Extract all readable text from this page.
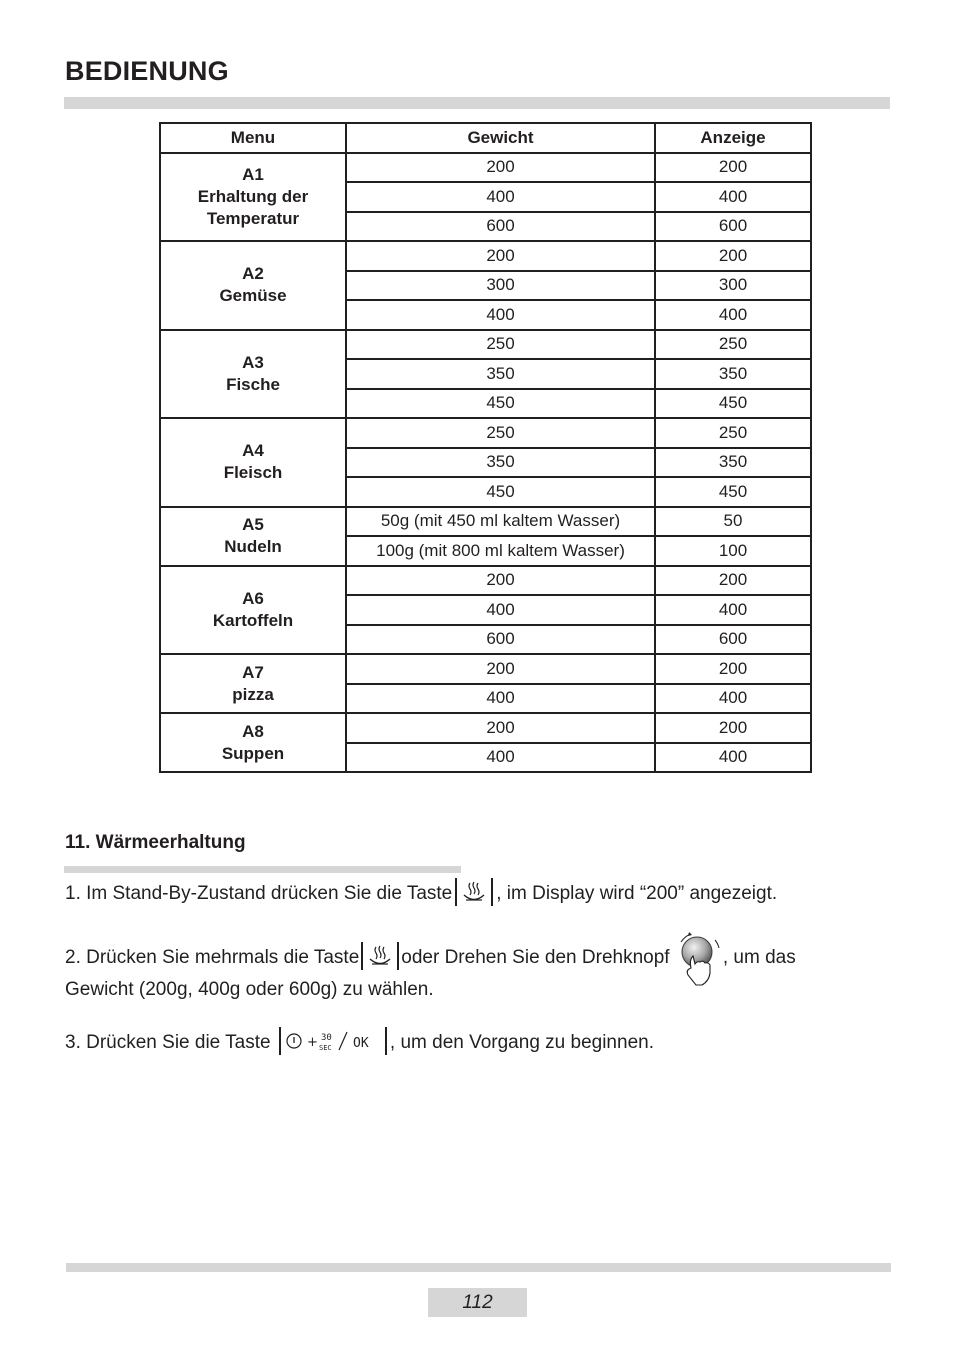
BEDIENUNG
Menu	Gewicht	Anzeige

A1
Erhaltung der
Temperatur	200	200
	400	400
	600	600

A2
Gemüse	200	200
	300	300
	400	400

A3
Fische	250	250
	350	350
	450	450

A4
Fleisch	250	250
	350	350
	450	450

A5
Nudeln	50g (mit 450 ml kaltem Wasser)	50
	100g (mit 800 ml kaltem Wasser)	100

A6
Kartoffeln	200	200
	400	400
	600	600

A7
pizza	200	200
	400	400

A8
Suppen	200	200
	400	400
11. Wärmeerhaltung
1. Im Stand-By-Zustand drücken Sie die Taste , im Display wird “200” angezeigt.
2. Drücken Sie mehrmals die Taste oder Drehen Sie den Drehknopf	, um das
Gewicht (200g, 400g oder 600g) zu wählen.
3. Drücken Sie die Taste	+ 30
SEC OK , um den Vorgang zu beginnen.
112
